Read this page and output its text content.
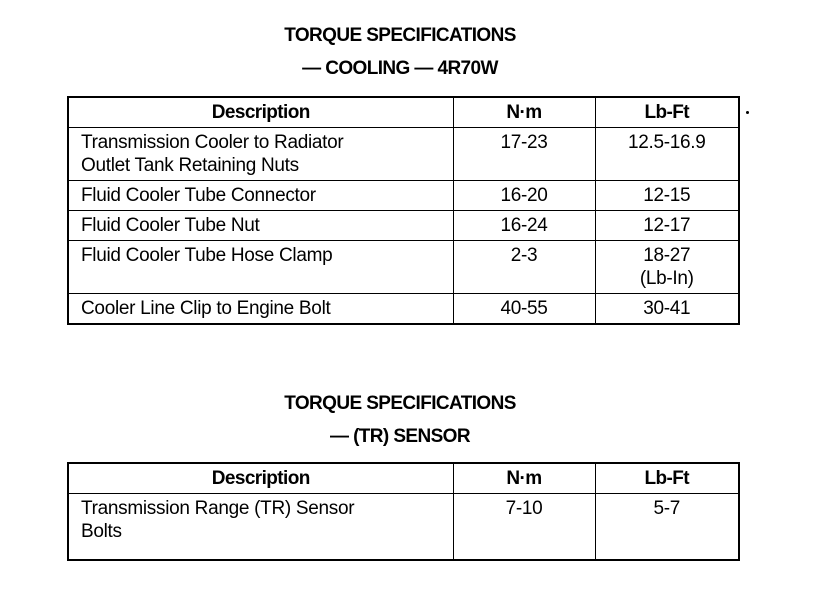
TORQUE SPECIFICATIONS
— COOLING — 4R70W
Description	N·m	Lb-Ft

Transmission Cooler to Radiator
Outlet Tank Retaining Nuts	17-23	12.5-16.9

Fluid Cooler Tube Connector	16-20	12-15

Fluid Cooler Tube Nut	16-24	12-17

Fluid Cooler Tube Hose Clamp	2-3	18-27
(Lb-In)

Cooler Line Clip to Engine Bolt	40-55	30-41
TORQUE SPECIFICATIONS
— (TR) SENSOR
Description	N·m	Lb-Ft

Transmission Range (TR) Sensor
Bolts	7-10	5-7
